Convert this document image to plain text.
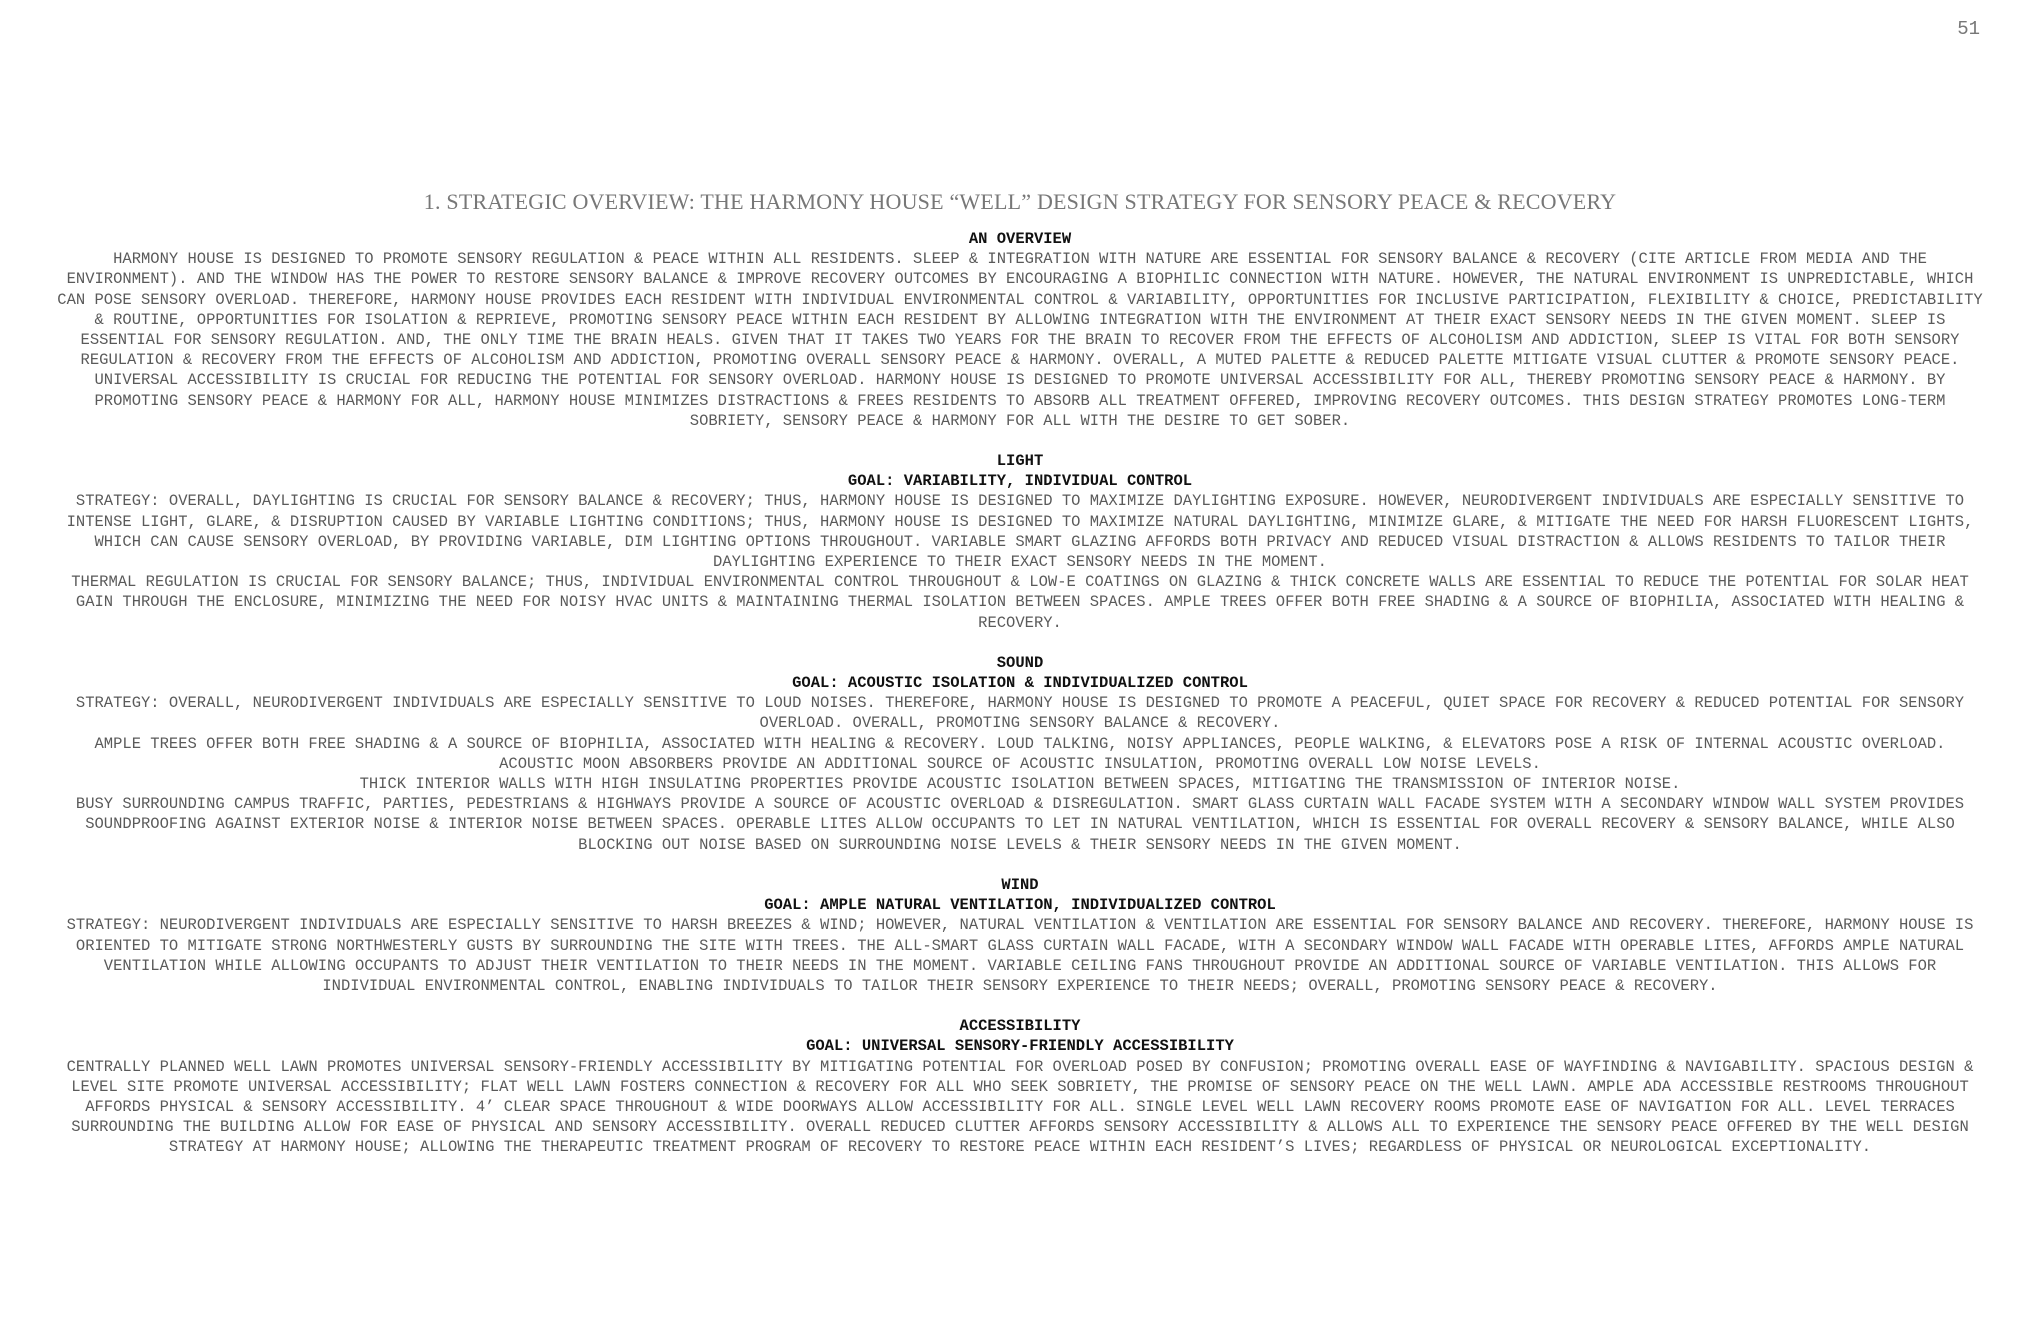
51
1. STRATEGIC OVERVIEW: THE HARMONY HOUSE “WELL” DESIGN STRATEGY FOR SENSORY PEACE & RECOVERY

AN OVERVIEW

HARMONY HOUSE IS DESIGNED TO PROMOTE SENSORY REGULATION & PEACE WITHIN ALL RESIDENTS. SLEEP & INTEGRATION WITH NATURE ARE ESSENTIAL FOR SENSORY BALANCE & RECOVERY (CITE ARTICLE FROM MEDIA AND THE ENVIRONMENT). AND THE WINDOW HAS THE POWER TO RESTORE SENSORY BALANCE & IMPROVE RECOVERY OUTCOMES BY ENCOURAGING A BIOPHILIC CONNECTION WITH NATURE. HOWEVER, THE NATURAL ENVIRONMENT IS UNPREDICTABLE, WHICH CAN POSE SENSORY OVERLOAD. THEREFORE, HARMONY HOUSE PROVIDES EACH RESIDENT WITH INDIVIDUAL ENVIRONMENTAL CONTROL & VARIABILITY, OPPORTUNITIES FOR INCLUSIVE PARTICIPATION, FLEXIBILITY & CHOICE, PREDICTABILITY & ROUTINE, OPPORTUNITIES FOR ISOLATION & REPRIEVE, PROMOTING SENSORY PEACE WITHIN EACH RESIDENT BY ALLOWING INTEGRATION WITH THE ENVIRONMENT AT THEIR EXACT SENSORY NEEDS IN THE GIVEN MOMENT. SLEEP IS ESSENTIAL FOR SENSORY REGULATION. AND, THE ONLY TIME THE BRAIN HEALS. GIVEN THAT IT TAKES TWO YEARS FOR THE BRAIN TO RECOVER FROM THE EFFECTS OF ALCOHOLISM AND ADDICTION, SLEEP IS VITAL FOR BOTH SENSORY REGULATION & RECOVERY FROM THE EFFECTS OF ALCOHOLISM AND ADDICTION, PROMOTING OVERALL SENSORY PEACE & HARMONY. OVERALL, A MUTED PALETTE & REDUCED PALETTE MITIGATE VISUAL CLUTTER & PROMOTE SENSORY PEACE. UNIVERSAL ACCESSIBILITY IS CRUCIAL FOR REDUCING THE POTENTIAL FOR SENSORY OVERLOAD. HARMONY HOUSE IS DESIGNED TO PROMOTE UNIVERSAL ACCESSIBILITY FOR ALL, THEREBY PROMOTING SENSORY PEACE & HARMONY. BY PROMOTING SENSORY PEACE & HARMONY FOR ALL, HARMONY HOUSE MINIMIZES DISTRACTIONS & FREES RESIDENTS TO ABSORB ALL TREATMENT OFFERED, IMPROVING RECOVERY OUTCOMES. THIS DESIGN STRATEGY PROMOTES LONG-TERM SOBRIETY, SENSORY PEACE & HARMONY FOR ALL WITH THE DESIRE TO GET SOBER.

LIGHT

GOAL: VARIABILITY, INDIVIDUAL CONTROL

STRATEGY: OVERALL, DAYLIGHTING IS CRUCIAL FOR SENSORY BALANCE & RECOVERY; THUS, HARMONY HOUSE IS DESIGNED TO MAXIMIZE DAYLIGHTING EXPOSURE. HOWEVER, NEURODIVERGENT INDIVIDUALS ARE ESPECIALLY SENSITIVE TO INTENSE LIGHT, GLARE, & DISRUPTION CAUSED BY VARIABLE LIGHTING CONDITIONS; THUS, HARMONY HOUSE IS DESIGNED TO MAXIMIZE NATURAL DAYLIGHTING, MINIMIZE GLARE, & MITIGATE THE NEED FOR HARSH FLUORESCENT LIGHTS, WHICH CAN CAUSE SENSORY OVERLOAD, BY PROVIDING VARIABLE, DIM LIGHTING OPTIONS THROUGHOUT. VARIABLE SMART GLAZING AFFORDS BOTH PRIVACY AND REDUCED VISUAL DISTRACTION & ALLOWS RESIDENTS TO TAILOR THEIR DAYLIGHTING EXPERIENCE TO THEIR EXACT SENSORY NEEDS IN THE MOMENT.

THERMAL REGULATION IS CRUCIAL FOR SENSORY BALANCE; THUS, INDIVIDUAL ENVIRONMENTAL CONTROL THROUGHOUT & LOW-E COATINGS ON GLAZING & THICK CONCRETE WALLS ARE ESSENTIAL TO REDUCE THE POTENTIAL FOR SOLAR HEAT GAIN THROUGH THE ENCLOSURE, MINIMIZING THE NEED FOR NOISY HVAC UNITS & MAINTAINING THERMAL ISOLATION BETWEEN SPACES. AMPLE TREES OFFER BOTH FREE SHADING & A SOURCE OF BIOPHILIA, ASSOCIATED WITH HEALING & RECOVERY.

SOUND

GOAL: ACOUSTIC ISOLATION & INDIVIDUALIZED CONTROL

STRATEGY: OVERALL, NEURODIVERGENT INDIVIDUALS ARE ESPECIALLY SENSITIVE TO LOUD NOISES. THEREFORE, HARMONY HOUSE IS DESIGNED TO PROMOTE A PEACEFUL, QUIET SPACE FOR RECOVERY & REDUCED POTENTIAL FOR SENSORY OVERLOAD. OVERALL, PROMOTING SENSORY BALANCE & RECOVERY.

AMPLE TREES OFFER BOTH FREE SHADING & A SOURCE OF BIOPHILIA, ASSOCIATED WITH HEALING & RECOVERY. LOUD TALKING, NOISY APPLIANCES, PEOPLE WALKING, & ELEVATORS POSE A RISK OF INTERNAL ACOUSTIC OVERLOAD. ACOUSTIC MOON ABSORBERS PROVIDE AN ADDITIONAL SOURCE OF ACOUSTIC INSULATION, PROMOTING OVERALL LOW NOISE LEVELS.

THICK INTERIOR WALLS WITH HIGH INSULATING PROPERTIES PROVIDE ACOUSTIC ISOLATION BETWEEN SPACES, MITIGATING THE TRANSMISSION OF INTERIOR NOISE.

BUSY SURROUNDING CAMPUS TRAFFIC, PARTIES, PEDESTRIANS & HIGHWAYS PROVIDE A SOURCE OF ACOUSTIC OVERLOAD & DISREGULATION. SMART GLASS CURTAIN WALL FACADE SYSTEM WITH A SECONDARY WINDOW WALL SYSTEM PROVIDES SOUNDPROOFING AGAINST EXTERIOR NOISE & INTERIOR NOISE BETWEEN SPACES. OPERABLE LITES ALLOW OCCUPANTS TO LET IN NATURAL VENTILATION, WHICH IS ESSENTIAL FOR OVERALL RECOVERY & SENSORY BALANCE, WHILE ALSO BLOCKING OUT NOISE BASED ON SURROUNDING NOISE LEVELS & THEIR SENSORY NEEDS IN THE GIVEN MOMENT.

WIND

GOAL: AMPLE NATURAL VENTILATION, INDIVIDUALIZED CONTROL

STRATEGY: NEURODIVERGENT INDIVIDUALS ARE ESPECIALLY SENSITIVE TO HARSH BREEZES & WIND; HOWEVER, NATURAL VENTILATION & VENTILATION ARE ESSENTIAL FOR SENSORY BALANCE AND RECOVERY. THEREFORE, HARMONY HOUSE IS ORIENTED TO MITIGATE STRONG NORTHWESTERLY GUSTS BY SURROUNDING THE SITE WITH TREES. THE ALL-SMART GLASS CURTAIN WALL FACADE, WITH A SECONDARY WINDOW WALL FACADE WITH OPERABLE LITES, AFFORDS AMPLE NATURAL VENTILATION WHILE ALLOWING OCCUPANTS TO ADJUST THEIR VENTILATION TO THEIR NEEDS IN THE MOMENT. VARIABLE CEILING FANS THROUGHOUT PROVIDE AN ADDITIONAL SOURCE OF VARIABLE VENTILATION. THIS ALLOWS FOR INDIVIDUAL ENVIRONMENTAL CONTROL, ENABLING INDIVIDUALS TO TAILOR THEIR SENSORY EXPERIENCE TO THEIR NEEDS; OVERALL, PROMOTING SENSORY PEACE & RECOVERY.

ACCESSIBILITY

GOAL: UNIVERSAL SENSORY-FRIENDLY ACCESSIBILITY

CENTRALLY PLANNED WELL LAWN PROMOTES UNIVERSAL SENSORY-FRIENDLY ACCESSIBILITY BY MITIGATING POTENTIAL FOR OVERLOAD POSED BY CONFUSION; PROMOTING OVERALL EASE OF WAYFINDING & NAVIGABILITY. SPACIOUS DESIGN & LEVEL SITE PROMOTE UNIVERSAL ACCESSIBILITY; FLAT WELL LAWN FOSTERS CONNECTION & RECOVERY FOR ALL WHO SEEK SOBRIETY, THE PROMISE OF SENSORY PEACE ON THE WELL LAWN. AMPLE ADA ACCESSIBLE RESTROOMS THROUGHOUT AFFORDS PHYSICAL & SENSORY ACCESSIBILITY. 4’ CLEAR SPACE THROUGHOUT & WIDE DOORWAYS ALLOW ACCESSIBILITY FOR ALL. SINGLE LEVEL WELL LAWN RECOVERY ROOMS PROMOTE EASE OF NAVIGATION FOR ALL. LEVEL TERRACES SURROUNDING THE BUILDING ALLOW FOR EASE OF PHYSICAL AND SENSORY ACCESSIBILITY. OVERALL REDUCED CLUTTER AFFORDS SENSORY ACCESSIBILITY & ALLOWS ALL TO EXPERIENCE THE SENSORY PEACE OFFERED BY THE WELL DESIGN STRATEGY AT HARMONY HOUSE; ALLOWING THE THERAPEUTIC TREATMENT PROGRAM OF RECOVERY TO RESTORE PEACE WITHIN EACH RESIDENT’S LIVES; REGARDLESS OF PHYSICAL OR NEUROLOGICAL EXCEPTIONALITY.
